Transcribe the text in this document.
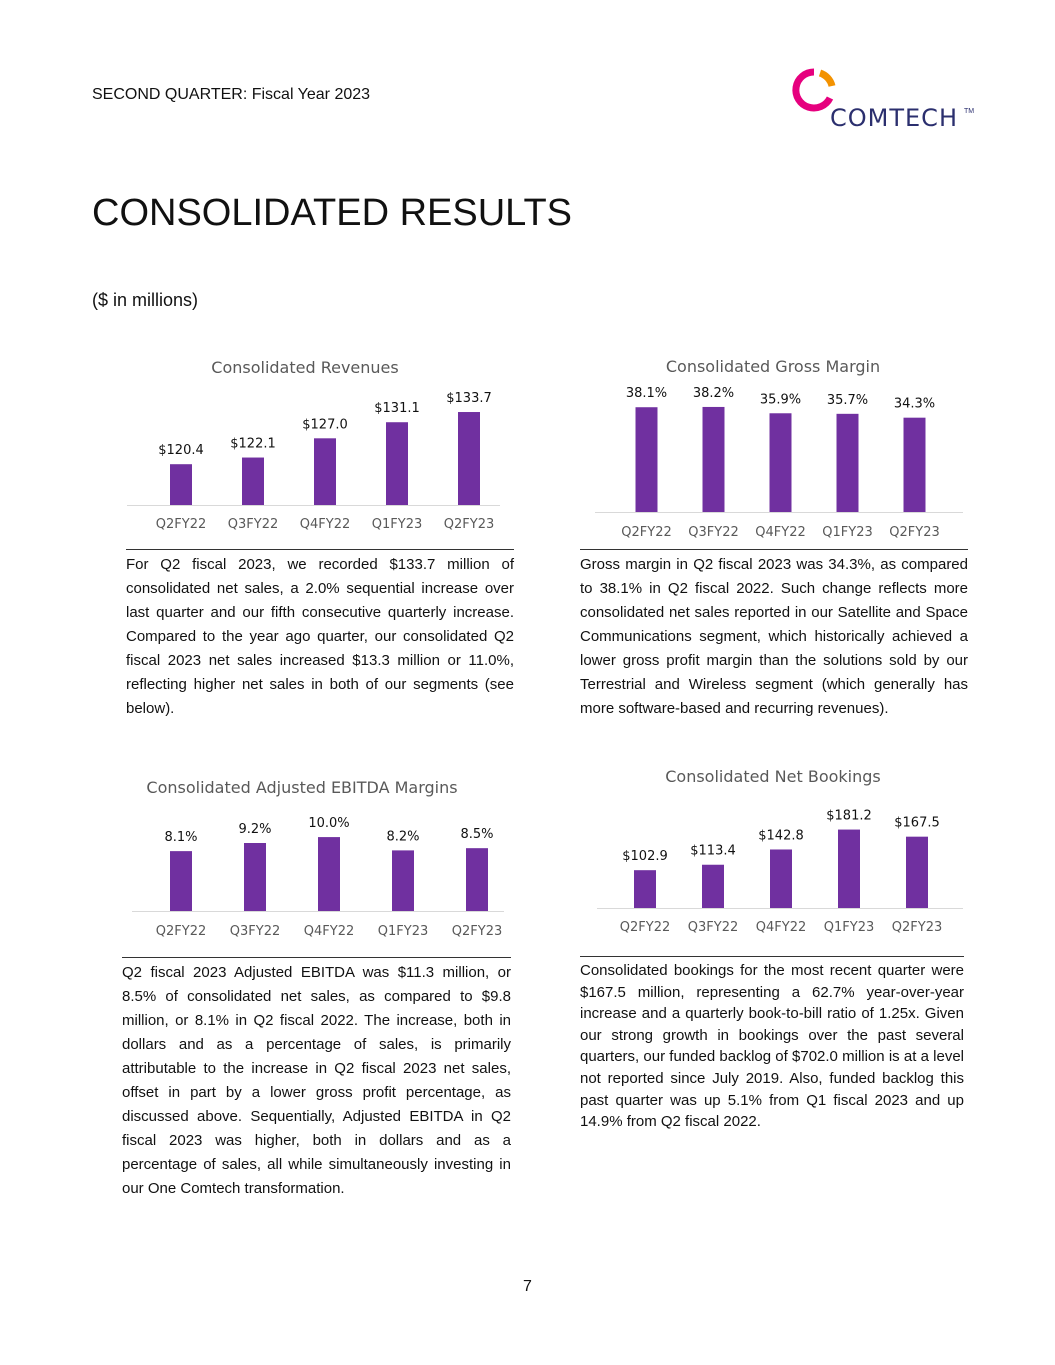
SECOND QUARTER: Fiscal Year 2023
COMTECH TM
CONSOLIDATED RESULTS
($ in millions)
Consolidated Revenues
$120.4
Q2FY22
$122.1
Q3FY22
$127.0
Q4FY22
$131.1
Q1FY23
$133.7
Q2FY23
Consolidated Gross Margin
38.1%
Q2FY22
38.2%
Q3FY22
35.9%
Q4FY22
35.7%
Q1FY23
34.3%
Q2FY23
Consolidated Adjusted EBITDA Margins
8.1%
Q2FY22
9.2%
Q3FY22
10.0%
Q4FY22
8.2%
Q1FY23
8.5%
Q2FY23
Consolidated Net Bookings
$102.9
Q2FY22
$113.4
Q3FY22
$142.8
Q4FY22
$181.2
Q1FY23
$167.5
Q2FY23

For Q2 fiscal 2023, we recorded $133.7 million of consolidated net sales, a 2.0% sequential increase over last quarter and our fifth consecutive quarterly increase. Compared to the year ago quarter, our consolidated Q2 fiscal 2023 net sales increased $13.3 million or 11.0%, reflecting higher net sales in both of our segments (see below).

Gross margin in Q2 fiscal 2023 was 34.3%, as compared to 38.1% in Q2 fiscal 2022. Such change reflects more consolidated net sales reported in our Satellite and Space Communications segment, which historically achieved a lower gross profit margin than the solutions sold by our Terrestrial and Wireless segment (which generally has more software-based and recurring revenues).

Q2 fiscal 2023 Adjusted EBITDA was $11.3 million, or 8.5% of consolidated net sales, as compared to $9.8 million, or 8.1% in Q2 fiscal 2022. The increase, both in dollars and as a percentage of sales, is primarily attributable to the increase in Q2 fiscal 2023 net sales, offset in part by a lower gross profit percentage, as discussed above. Sequentially, Adjusted EBITDA in Q2 fiscal 2023 was higher, both in dollars and as a percentage of sales, all while simultaneously investing in our One Comtech transformation.

Consolidated bookings for the most recent quarter were $167.5 million, representing a 62.7% year-over-year increase and a quarterly book-to-bill ratio of 1.25x. Given our strong growth in bookings over the past several quarters, our funded backlog of $702.0 million is at a level not reported since July 2019. Also, funded backlog this past quarter was up 5.1% from Q1 fiscal 2023 and up 14.9% from Q2 fiscal 2022.

7
